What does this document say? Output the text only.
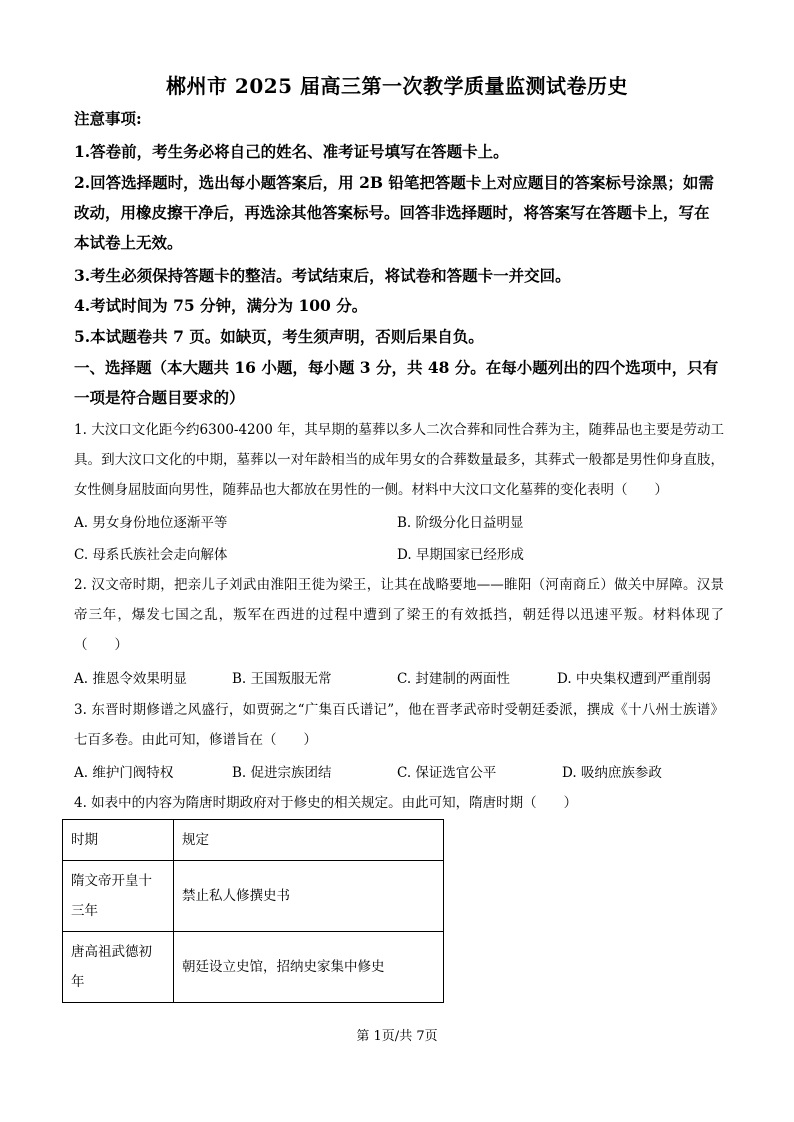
郴州市 2025 届高三第一次教学质量监测试卷历史
注意事项:
1.答卷前，考生务必将自己的姓名、准考证号填写在答题卡上。
2.回答选择题时，选出每小题答案后，用 2B 铅笔把答题卡上对应题目的答案标号涂黑；如需改动，用橡皮擦干净后，再选涂其他答案标号。回答非选择题时，将答案写在答题卡上，写在本试卷上无效。
3.考生必须保持答题卡的整洁。考试结束后，将试卷和答题卡一并交回。
4.考试时间为 75 分钟，满分为 100 分。
5.本试题卷共 7 页。如缺页，考生须声明，否则后果自负。
一、选择题（本大题共 16 小题，每小题 3 分，共 48 分。在每小题列出的四个选项中，只有一项是符合题目要求的）
1. 大汶口文化距今约6300-4200 年，其早期的墓葬以多人二次合葬和同性合葬为主，随葬品也主要是劳动工具。到大汶口文化的中期，墓葬以一对年龄相当的成年男女的合葬数量最多，其葬式一般都是男性仰身直肢，女性侧身屈肢面向男性，随葬品也大都放在男性的一侧。材料中大汶口文化墓葬的变化表明（　　）
A. 男女身份地位逐渐平等	B. 阶级分化日益明显
C. 母系氏族社会走向解体	D. 早期国家已经形成
2. 汉文帝时期，把亲儿子刘武由淮阳王徙为梁王，让其在战略要地——睢阳（河南商丘）做关中屏障。汉景帝三年，爆发七国之乱，叛军在西进的过程中遭到了梁王的有效抵挡，朝廷得以迅速平叛。材料体现了（　　）
A. 推恩令效果明显	B. 王国叛服无常	C. 封建制的两面性	D. 中央集权遭到严重削弱
3. 东晋时期修谱之风盛行，如贾弼之“广集百氏谱记”，他在晋孝武帝时受朝廷委派，撰成《十八州士族谱》七百多卷。由此可知，修谱旨在（　　）
A. 维护门阀特权	B. 促进宗族团结	C. 保证选官公平	D. 吸纳庶族参政
4. 如表中的内容为隋唐时期政府对于修史的相关规定。由此可知，隋唐时期（　　）
时期	规定
隋文帝开皇十三年	禁止私人修撰史书
唐高祖武德初年	朝廷设立史馆，招纳史家集中修史
第 1页/共 7页
